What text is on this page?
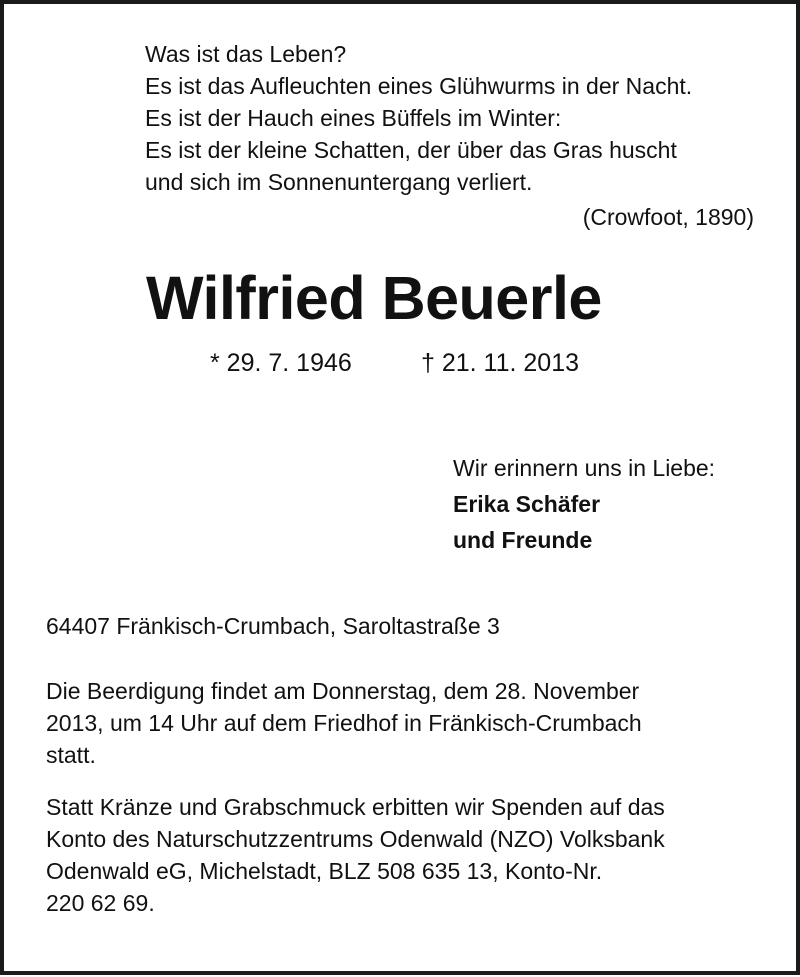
Was ist das Leben?
Es ist das Aufleuchten eines Glühwurms in der Nacht.
Es ist der Hauch eines Büffels im Winter:
Es ist der kleine Schatten, der über das Gras huscht
und sich im Sonnenuntergang verliert.
(Crowfoot, 1890)
Wilfried Beuerle
* 29. 7. 1946	† 21. 11. 2013
Wir erinnern uns in Liebe:
Erika Schäfer
und Freunde
64407 Fränkisch-Crumbach, Saroltastraße 3
Die Beerdigung findet am Donnerstag, dem 28. November
2013, um 14 Uhr auf dem Friedhof in Fränkisch-Crumbach
statt.
Statt Kränze und Grabschmuck erbitten wir Spenden auf das
Konto des Naturschutzzentrums Odenwald (NZO) Volksbank
Odenwald eG, Michelstadt, BLZ 508 635 13, Konto-Nr.
220 62 69.
